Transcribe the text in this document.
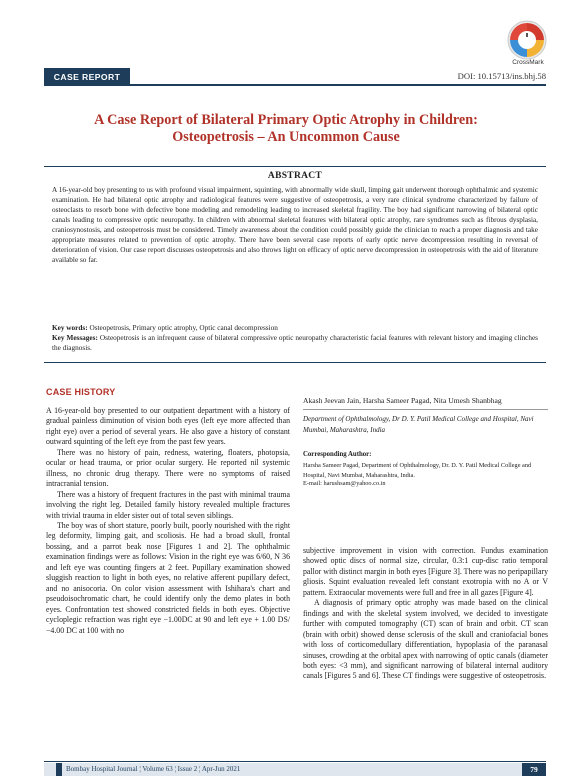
CrossMark
CASE REPORT	DOI: 10.15713/ins.bhj.58
A Case Report of Bilateral Primary Optic Atrophy in Children:
Osteopetrosis – An Uncommon Cause
ABSTRACT
A 16-year-old boy presenting to us with profound visual impairment, squinting, with abnormally wide skull, limping gait underwent thorough ophthalmic and systemic examination. He had bilateral optic atrophy and radiological features were suggestive of osteopetrosis, a very rare clinical syndrome characterized by failure of osteoclasts to resorb bone with defective bone modeling and remodeling leading to increased skeletal fragility. The boy had significant narrowing of bilateral optic canals leading to compressive optic neuropathy. In children with abnormal skeletal features with bilateral optic atrophy, rare syndromes such as fibrous dysplasia, craniosynostosis, and osteopetrosis must be considered. Timely awareness about the condition could possibly guide the clinician to reach a proper diagnosis and take appropriate measures related to prevention of optic atrophy. There have been several case reports of early optic nerve decompression resulting in reversal of deterioration of vision. Our case report discusses osteopetrosis and also throws light on efficacy of optic nerve decompression in osteopetrosis with the aid of literature available so far.
Key words: Osteopetrosis, Primary optic atrophy, Optic canal decompression
Key Messages: Osteopetrosis is an infrequent cause of bilateral compressive optic neuropathy characteristic facial features with relevant history and imaging clinches the diagnosis.
CASE HISTORY

A 16-year-old boy presented to our outpatient department with a history of gradual painless diminution of vision both eyes (left eye more affected than right eye) over a period of several years. He also gave a history of constant outward squinting of the left eye from the past few years.

There was no history of pain, redness, watering, floaters, photopsia, ocular or head trauma, or prior ocular surgery. He reported nil systemic illness, no chronic drug therapy. There were no symptoms of raised intracranial tension.

There was a history of frequent fractures in the past with minimal trauma involving the right leg. Detailed family history revealed multiple fractures with trivial trauma in elder sister out of total seven siblings.

The boy was of short stature, poorly built, poorly nourished with the right leg deformity, limping gait, and scoliosis. He had a broad skull, frontal bossing, and a parrot beak nose [Figures 1 and 2]. The ophthalmic examination findings were as follows: Vision in the right eye was 6/60, N 36 and left eye was counting fingers at 2 feet. Pupillary examination showed sluggish reaction to light in both eyes, no relative afferent pupillary defect, and no anisocoria. On color vision assessment with Ishihara's chart and pseudoisochromatic chart, he could identify only the demo plates in both eyes. Confrontation test showed constricted fields in both eyes. Objective cycloplegic refraction was right eye −1.00DC at 90 and left eye + 1.00 DS/−4.00 DC at 100 with no

Akash Jeevan Jain, Harsha Sameer Pagad, Nita Umesh Shanbhag
Department of Ophthalmology, Dr D. Y. Patil Medical College and Hospital, Navi Mumbai, Maharashtra, India
Corresponding Author:
Harsha Sameer Pagad, Department of Ophthalmology, Dr. D. Y. Patil Medical College and Hospital, Navi Mumbai, Maharashtra, India.
E-mail: harushsam@yahoo.co.in

subjective improvement in vision with correction. Fundus examination showed optic discs of normal size, circular, 0.3:1 cup-disc ratio temporal pallor with distinct margin in both eyes [Figure 3]. There was no peripapillary gliosis. Squint evaluation revealed left constant exotropia with no A or V pattern. Extraocular movements were full and free in all gazes [Figure 4].

A diagnosis of primary optic atrophy was made based on the clinical findings and with the skeletal system involved, we decided to investigate further with computed tomography (CT) scan of brain and orbit. CT scan (brain with orbit) showed dense sclerosis of the skull and craniofacial bones with loss of corticomedullary differentiation, hypoplasia of the paranasal sinuses, crowding at the orbital apex with narrowing of optic canals (diameter both eyes: <3 mm), and significant narrowing of bilateral internal auditory canals [Figures 5 and 6]. These CT findings were suggestive of osteopetrosis.

Bombay Hospital Journal ¦ Volume 63 ¦ Issue 2 ¦ Apr-Jun 2021	79
